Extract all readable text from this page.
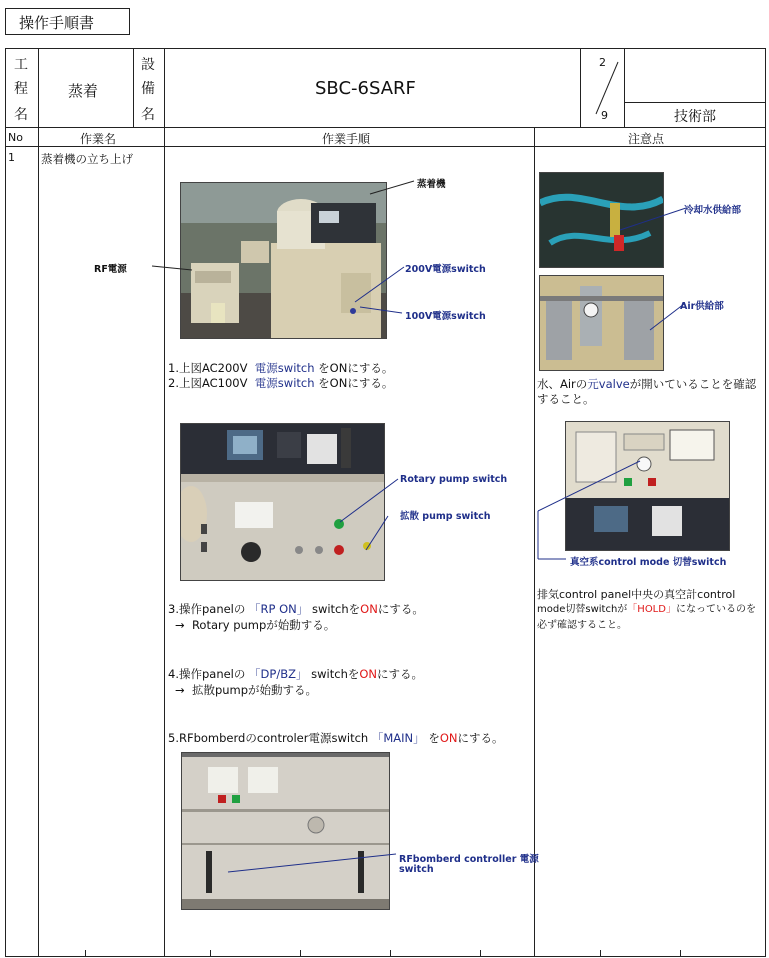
操作手順書
工
程
名
蒸着
設
備
名
SBC-6SARF
2
9	技術部
No	作業名	作業手順	注意点
1 蒸着機の立ち上げ
蒸着機
RF電源	200V電源switch
100V電源switch
1.上図AC200V 電源switch をONにする。
2.上図AC100V 電源switch をONにする。
Rotary pump switch
拡散 pump switch
3.操作panelの 「RP ON」 switchをONにする。
→ Rotary pumpが始動する。
4.操作panelの 「DP/BZ」 switchをONにする。
→ 拡散pumpが始動する。
5.RFbomberdのcontroler電源switch 「MAIN」 をONにする。
RFbomberd controller 電源
switch
冷却水供給部
Air供給部
水、Airの元valveが開いていることを確認
すること。
真空系control mode 切替switch
排気control panel中央の真空計control
mode切替switchが「HOLD」になっているのを
必ず確認すること。
